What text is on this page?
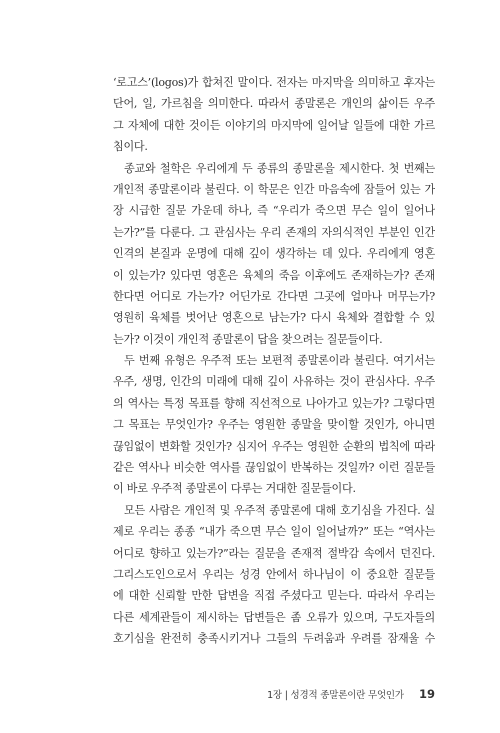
‘로고스’(logos)가 합쳐진 말이다. 전자는 마지막을 의미하고 후자는
단어, 일, 가르침을 의미한다. 따라서 종말론은 개인의 삶이든 우주
그 자체에 대한 것이든 이야기의 마지막에 일어날 일들에 대한 가르
침이다.
종교와 철학은 우리에게 두 종류의 종말론을 제시한다. 첫 번째는
개인적 종말론이라 불린다. 이 학문은 인간 마음속에 잠들어 있는 가
장 시급한 질문 가운데 하나, 즉 “우리가 죽으면 무슨 일이 일어나
는가?”를 다룬다. 그 관심사는 우리 존재의 자의식적인 부분인 인간
인격의 본질과 운명에 대해 깊이 생각하는 데 있다. 우리에게 영혼
이 있는가? 있다면 영혼은 육체의 죽음 이후에도 존재하는가? 존재
한다면 어디로 가는가? 어딘가로 간다면 그곳에 얼마나 머무는가?
영원히 육체를 벗어난 영혼으로 남는가? 다시 육체와 결합할 수 있
는가? 이것이 개인적 종말론이 답을 찾으려는 질문들이다.
두 번째 유형은 우주적 또는 보편적 종말론이라 불린다. 여기서는
우주, 생명, 인간의 미래에 대해 깊이 사유하는 것이 관심사다. 우주
의 역사는 특정 목표를 향해 직선적으로 나아가고 있는가? 그렇다면
그 목표는 무엇인가? 우주는 영원한 종말을 맞이할 것인가, 아니면
끊임없이 변화할 것인가? 심지어 우주는 영원한 순환의 법칙에 따라
같은 역사나 비슷한 역사를 끊임없이 반복하는 것일까? 이런 질문들
이 바로 우주적 종말론이 다루는 거대한 질문들이다.
모든 사람은 개인적 및 우주적 종말론에 대해 호기심을 가진다. 실
제로 우리는 종종 “내가 죽으면 무슨 일이 일어날까?” 또는 “역사는
어디로 향하고 있는가?”라는 질문을 존재적 절박감 속에서 던진다.
그리스도인으로서 우리는 성경 안에서 하나님이 이 중요한 질문들
에 대한 신뢰할 만한 답변을 직접 주셨다고 믿는다. 따라서 우리는
다른 세계관들이 제시하는 답변들은 좀 오류가 있으며, 구도자들의
호기심을 완전히 충족시키거나 그들의 두려움과 우려를 잠재울 수
1장 | 성경적 종말론이란 무엇인가 19
